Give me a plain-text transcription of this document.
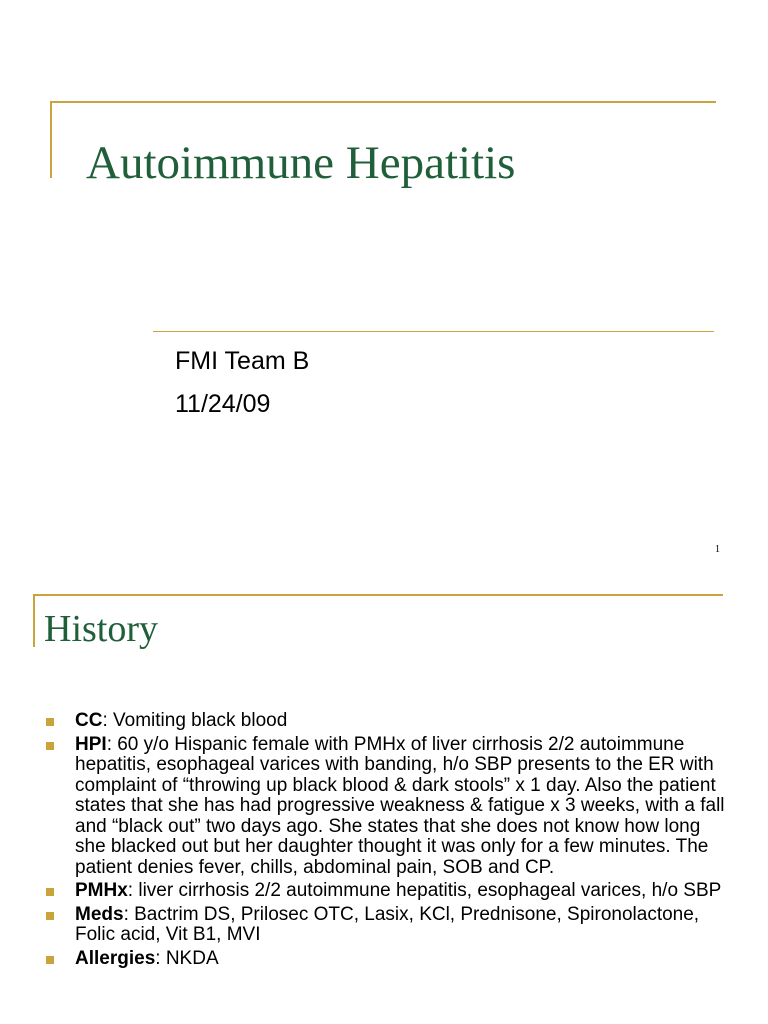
Autoimmune Hepatitis
FMI Team B
11/24/09
1
History
CC: Vomiting black blood
HPI: 60 y/o Hispanic female with PMHx of liver cirrhosis 2/2 autoimmune hepatitis, esophageal varices with banding, h/o SBP presents to the ER with complaint of “throwing up black blood & dark stools” x 1 day. Also the patient states that she has had progressive weakness & fatigue x 3 weeks, with a fall and “black out” two days ago. She states that she does not know how long she blacked out but her daughter thought it was only for a few minutes. The patient denies fever, chills, abdominal pain, SOB and CP.
PMHx: liver cirrhosis 2/2 autoimmune hepatitis, esophageal varices, h/o SBP
Meds: Bactrim DS, Prilosec OTC, Lasix, KCl, Prednisone, Spironolactone, Folic acid, Vit B1, MVI
Allergies: NKDA
